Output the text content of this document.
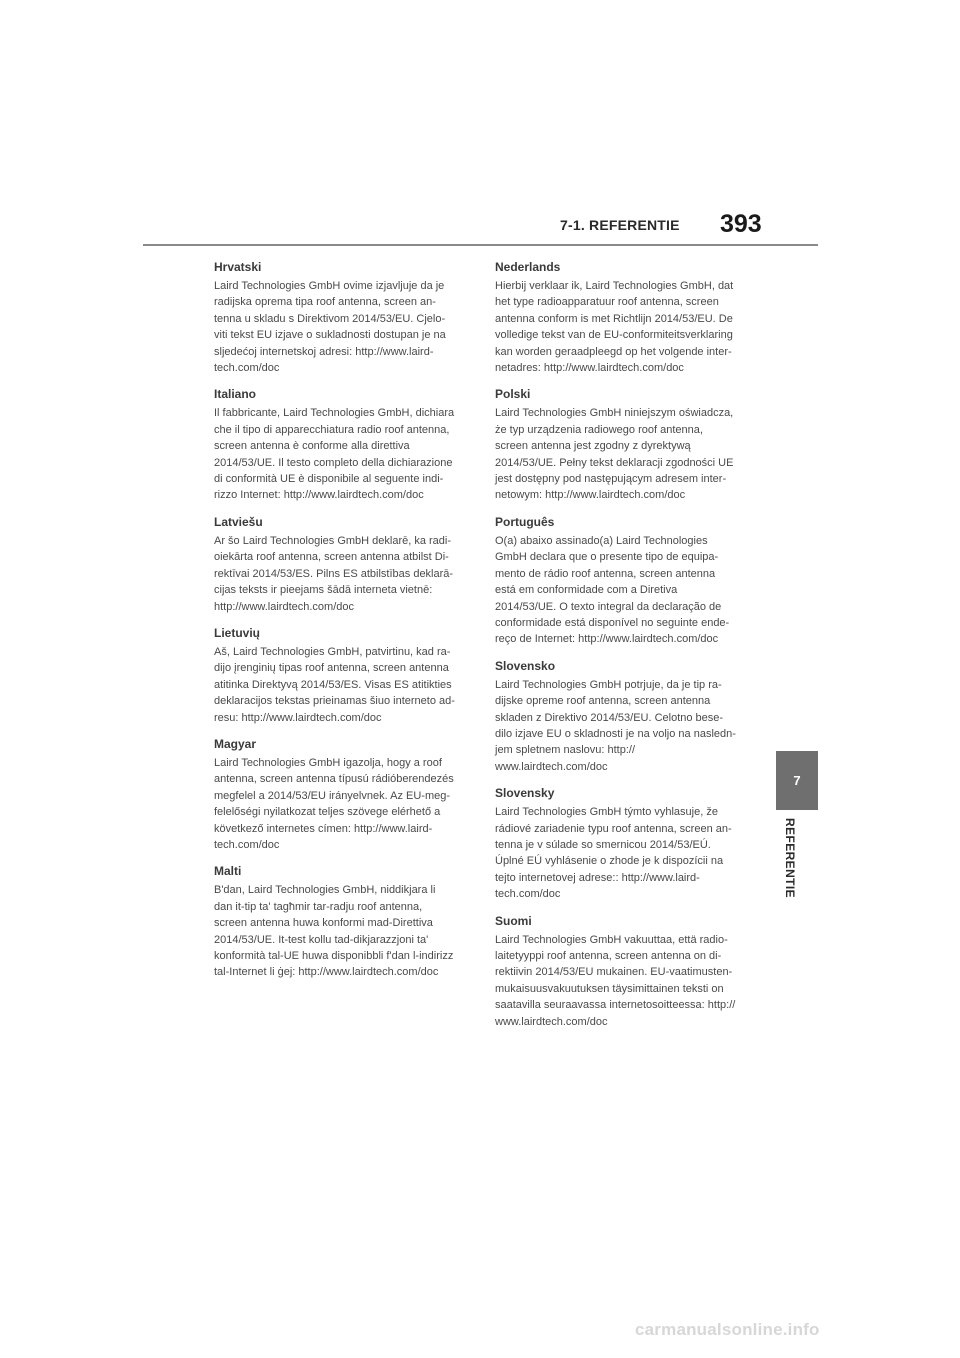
7-1. REFERENTIE	393
7
REFERENTIE
Hrvatski

Laird Technologies GmbH ovime izjavljuje da je
radijska oprema tipa roof antenna, screen an-
tenna u skladu s Direktivom 2014/53/EU. Cjelo-
viti tekst EU izjave o sukladnosti dostupan je na
sljedećoj internetskoj adresi: http://www.laird-
tech.com/doc

Italiano

Il fabbricante, Laird Technologies GmbH, dichiara
che il tipo di apparecchiatura radio roof antenna,
screen antenna è conforme alla direttiva
2014/53/UE. Il testo completo della dichiarazione
di conformità UE è disponibile al seguente indi-
rizzo Internet: http://www.lairdtech.com/doc

Latviešu

Ar šo Laird Technologies GmbH deklarē, ka radi-
oiekārta roof antenna, screen antenna atbilst Di-
rektīvai 2014/53/ES. Pilns ES atbilstības deklarā-
cijas teksts ir pieejams šādā interneta vietnē:
http://www.lairdtech.com/doc

Lietuvių

Aš, Laird Technologies GmbH, patvirtinu, kad ra-
dijo įrenginių tipas roof antenna, screen antenna
atitinka Direktyvą 2014/53/ES. Visas ES atitikties
deklaracijos tekstas prieinamas šiuo interneto ad-
resu: http://www.lairdtech.com/doc

Magyar

Laird Technologies GmbH igazolja, hogy a roof
antenna, screen antenna típusú rádióberendezés
megfelel a 2014/53/EU irányelvnek. Az EU-meg-
felelőségi nyilatkozat teljes szövege elérhető a
következő internetes címen: http://www.laird-
tech.com/doc

Malti

B'dan, Laird Technologies GmbH, niddikjara li
dan it-tip ta' tagħmir tar-radju roof antenna,
screen antenna huwa konformi mad-Direttiva
2014/53/UE. It-test kollu tad-dikjarazzjoni ta'
konformità tal-UE huwa disponibbli f'dan l-indirizz
tal-Internet li ġej: http://www.lairdtech.com/doc

Nederlands

Hierbij verklaar ik, Laird Technologies GmbH, dat
het type radioapparatuur roof antenna, screen
antenna conform is met Richtlijn 2014/53/EU. De
volledige tekst van de EU-conformiteitsverklaring
kan worden geraadpleegd op het volgende inter-
netadres: http://www.lairdtech.com/doc

Polski

Laird Technologies GmbH niniejszym oświadcza,
że typ urządzenia radiowego roof antenna,
screen antenna jest zgodny z dyrektywą
2014/53/UE. Pełny tekst deklaracji zgodności UE
jest dostępny pod następującym adresem inter-
netowym: http://www.lairdtech.com/doc

Português

O(a) abaixo assinado(a) Laird Technologies
GmbH declara que o presente tipo de equipa-
mento de rádio roof antenna, screen antenna
está em conformidade com a Diretiva
2014/53/UE. O texto integral da declaração de
conformidade está disponível no seguinte ende-
reço de Internet: http://www.lairdtech.com/doc

Slovensko

Laird Technologies GmbH potrjuje, da je tip ra-
dijske opreme roof antenna, screen antenna
skladen z Direktivo 2014/53/EU. Celotno bese-
dilo izjave EU o skladnosti je na voljo na nasledn-
jem spletnem naslovu: http://
www.lairdtech.com/doc

Slovensky

Laird Technologies GmbH týmto vyhlasuje, že
rádiové zariadenie typu roof antenna, screen an-
tenna je v súlade so smernicou 2014/53/EÚ.
Úplné EÚ vyhlásenie o zhode je k dispozícii na
tejto internetovej adrese:: http://www.laird-
tech.com/doc

Suomi

Laird Technologies GmbH vakuuttaa, että radio-
laitetyyppi roof antenna, screen antenna on di-
rektiivin 2014/53/EU mukainen. EU-vaatimusten-
mukaisuusvakuutuksen täysimittainen teksti on
saatavilla seuraavassa internetosoitteessa: http://
www.lairdtech.com/doc

carmanualsonline.info
